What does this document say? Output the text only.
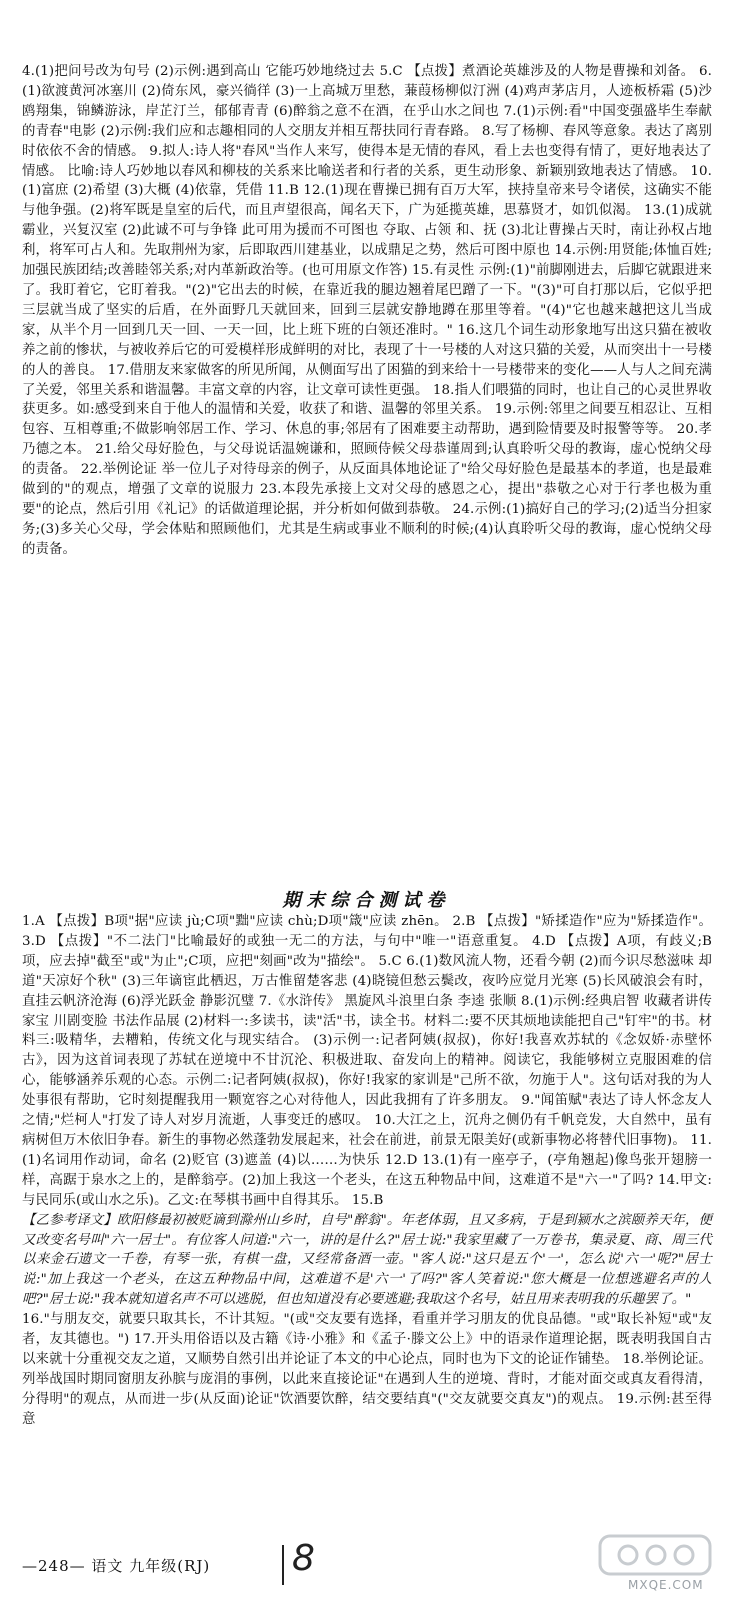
4.(1)把问号改为句号 (2)示例:遇到高山 它能巧妙地绕过去 5.C 【点拨】煮酒论英雄涉及的人物是曹操和刘备。 6.(1)欲渡黄河冰塞川 (2)倚东风，豪兴徜徉 (3)一上高城万里愁，蒹葭杨柳似汀洲 (4)鸡声茅店月，人迹板桥霜 (5)沙鸥翔集，锦鳞游泳，岸芷汀兰，郁郁青青 (6)醉翁之意不在酒，在乎山水之间也 7.(1)示例:看"中国变强盛毕生奉献的青春"电影 (2)示例:我们应和志趣相同的人交朋友并相互帮扶同行青春路。 8.写了杨柳、春风等意象。表达了离别时依依不舍的情感。 9.拟人:诗人将"春风"当作人来写，使得本是无情的春风，看上去也变得有情了，更好地表达了情感。 比喻:诗人巧妙地以春风和柳枝的关系来比喻送者和行者的关系，更生动形象、新颖别致地表达了情感。 10.(1)富庶 (2)希望 (3)大概 (4)依靠，凭借 11.B 12.(1)现在曹操已拥有百万大军，挟持皇帝来号令诸侯，这确实不能与他争强。(2)将军既是皇室的后代，而且声望很高，闻名天下，广为延揽英雄，思慕贤才，如饥似渴。 13.(1)成就霸业，兴复汉室 (2)此诚不可与争锋 此可用为援而不可图也 夺取、占领 和、抚 (3)北让曹操占天时，南让孙权占地利，将军可占人和。先取荆州为家，后即取西川建基业，以成鼎足之势，然后可图中原也 14.示例:用贤能;体恤百姓;加强民族团结;改善睦邻关系;对内革新政治等。(也可用原文作答) 15.有灵性 示例:(1)"前脚刚进去，后脚它就跟进来了。我盯着它，它盯着我。"(2)"它出去的时候，在靠近我的腿边翘着尾巴蹭了一下。"(3)"可自打那以后，它似乎把三层就当成了坚实的后盾，在外面野几天就回来，回到三层就安静地蹲在那里等着。"(4)"它也越来越把这儿当成家，从半个月一回到几天一回、一天一回，比上班下班的白领还准时。" 16.这几个词生动形象地写出这只猫在被收养之前的惨状，与被收养后它的可爱模样形成鲜明的对比，表现了十一号楼的人对这只猫的关爱，从而突出十一号楼的人的善良。 17.借朋友来家做客的所见所闻，从侧面写出了困猫的到来给十一号楼带来的变化——人与人之间充满了关爱，邻里关系和谐温馨。丰富文章的内容，让文章可读性更强。 18.指人们喂猫的同时，也让自己的心灵世界收获更多。如:感受到来自于他人的温情和关爱，收获了和谐、温馨的邻里关系。 19.示例:邻里之间要互相忍让、互相包容、互相尊重;不做影响邻居工作、学习、休息的事;邻居有了困难要主动帮助，遇到险情要及时报警等等。 20.孝乃德之本。 21.给父母好脸色，与父母说话温婉谦和，照顾侍候父母恭谨周到;认真聆听父母的教诲，虚心悦纳父母的责备。 22.举例论证 举一位儿子对待母亲的例子，从反面具体地论证了"给父母好脸色是最基本的孝道，也是最难做到的"的观点，增强了文章的说服力 23.本段先承接上文对父母的感恩之心，提出"恭敬之心对于行孝也极为重要"的论点，然后引用《礼记》的话做道理论据，并分析如何做到恭敬。 24.示例:(1)搞好自己的学习;(2)适当分担家务;(3)多关心父母，学会体贴和照顾他们，尤其是生病或事业不顺利的时候;(4)认真聆听父母的教诲，虚心悦纳父母的责备。

期末综合测试卷

1.A 【点拨】B项"据"应读 jù;C项"黜"应读 chù;D项"箴"应读 zhēn。 2.B 【点拨】"矫揉造作"应为"矫揉造作"。 3.D 【点拨】"不二法门"比喻最好的或独一无二的方法，与句中"唯一"语意重复。 4.D 【点拨】A项，有歧义;B项，应去掉"截至"或"为止";C项，应把"刻画"改为"描绘"。 5.C 6.(1)数风流人物，还看今朝 (2)而今识尽愁滋味 却道"天凉好个秋" (3)三年谪宦此栖迟，万古惟留楚客悲 (4)晓镜但愁云鬓改，夜吟应觉月光寒 (5)长风破浪会有时，直挂云帆济沧海 (6)浮光跃金 静影沉璧 7.《水浒传》 黑旋风斗浪里白条 李逵 张顺 8.(1)示例:经典启智 收藏者讲传家宝 川剧变脸 书法作品展 (2)材料一:多读书，读"活"书，读全书。材料二:要不厌其烦地读能把自己"钉牢"的书。材料三:吸精华，去糟粕，传统文化与现实结合。 (3)示例一:记者阿姨(叔叔)，你好!我喜欢苏轼的《念奴娇·赤壁怀古》，因为这首词表现了苏轼在逆境中不甘沉沦、积极进取、奋发向上的精神。阅读它，我能够树立克服困难的信心，能够涵养乐观的心态。示例二:记者阿姨(叔叔)，你好!我家的家训是"己所不欲，勿施于人"。这句话对我的为人处事很有帮助，它时刻提醒我用一颗宽容之心对待他人，因此我拥有了许多朋友。 9."闻笛赋"表达了诗人怀念友人之情;"烂柯人"打发了诗人对岁月流逝，人事变迁的感叹。 10.大江之上，沉舟之侧仍有千帆竞发，大自然中，虽有病树但万木依旧争春。新生的事物必然蓬勃发展起来，社会在前进，前景无限美好(或新事物必将替代旧事物)。 11.(1)名词用作动词，命名 (2)贬官 (3)遮盖 (4)以……为快乐 12.D 13.(1)有一座亭子，(亭角翘起)像鸟张开翅膀一样，高踞于泉水之上的，是醉翁亭。(2)加上我这一个老头，在这五种物品中间，这难道不是"六一"了吗? 14.甲文:与民同乐(或山水之乐)。乙文:在琴棋书画中自得其乐。 15.B

【乙参考译文】欧阳修最初被贬谪到滁州山乡时，自号"醉翁"。年老体弱，且又多病，于是到颍水之滨颐养天年，便又改变名号叫"六一居士"。有位客人问道:"六一，讲的是什么?"居士说:"我家里藏了一万卷书，集录夏、商、周三代以来金石遗文一千卷，有琴一张，有棋一盘，又经常备酒一壶。"客人说:"这只是五个'一'，怎么说'六一'呢?"居士说:"加上我这一个老头，在这五种物品中间，这难道不是'六一'了吗?"客人笑着说:"您大概是一位想逃避名声的人吧?"居士说:"我本就知道名声不可以逃脱，但也知道没有必要逃避;我取这个名号，姑且用来表明我的乐趣罢了。"

16."与朋友交，就要只取其长，不计其短。"(或"交友要有选择，看重并学习朋友的优良品德。"或"取长补短"或"友者，友其德也。") 17.开头用俗语以及古籍《诗·小雅》和《孟子·滕文公上》中的语录作道理论据，既表明我国自古以来就十分重视交友之道，又顺势自然引出并论证了本文的中心论点，同时也为下文的论证作铺垫。 18.举例论证。列举战国时期同窗朋友孙膑与庞涓的事例，以此来直接论证"在遇到人生的逆境、背时，才能对面交或真友看得清，分得明"的观点，从而进一步(从反面)论证"饮酒要饮醉，结交要结真"("交友就要交真友")的观点。 19.示例:甚至得意

—248— 语文 九年级(RJ) 8
MXQE.COM
